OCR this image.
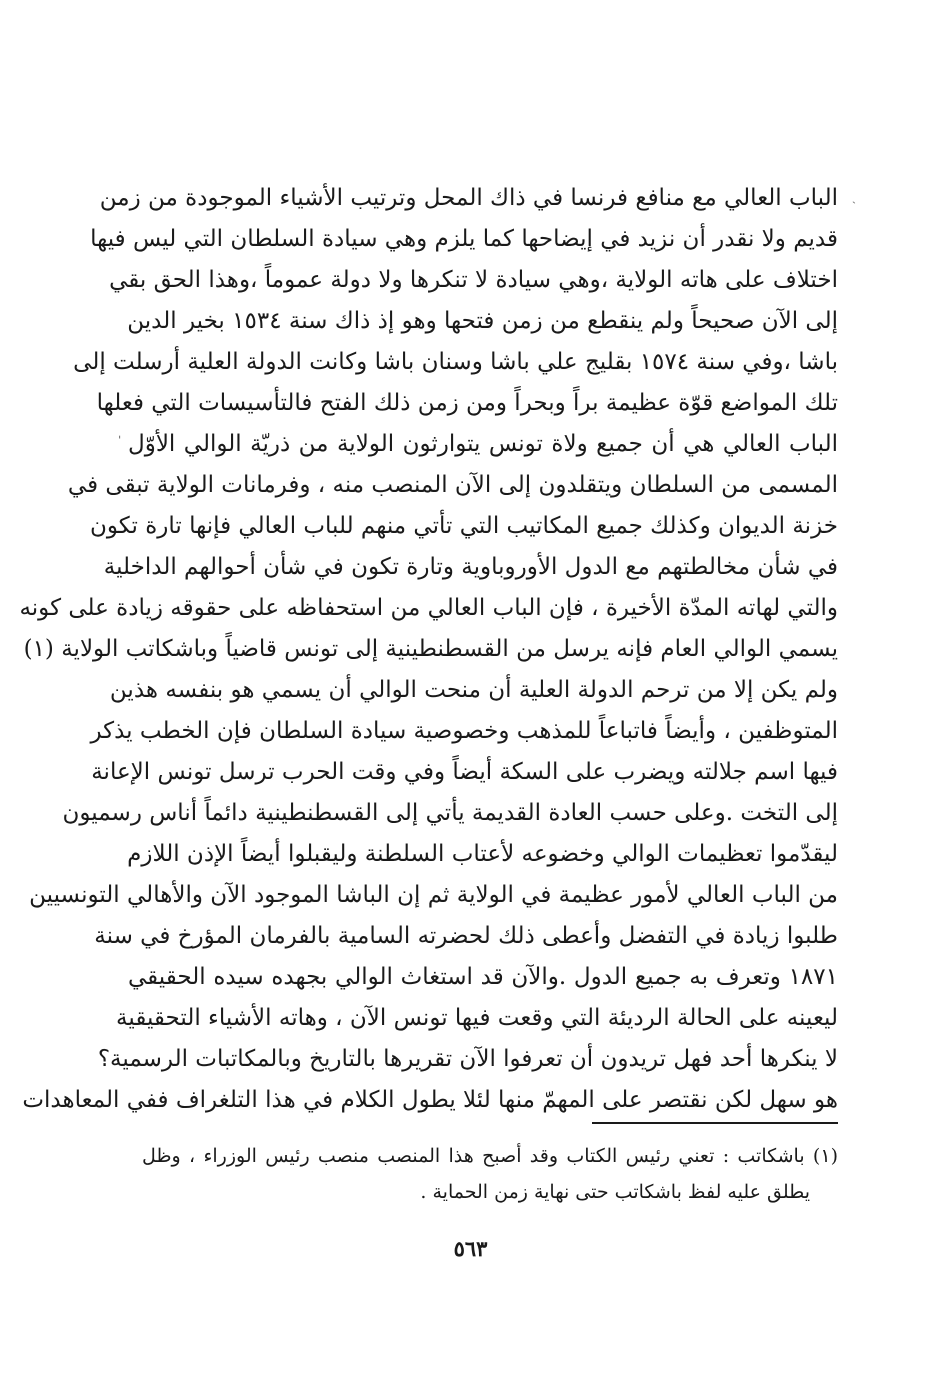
ˎ
ˌ
الباب العالي مع منافع فرنسا في ذاك المحل وترتيب الأشياء الموجودة من زمن
قديم ولا نقدر أن نزيد في إيضاحها كما يلزم وهي سيادة السلطان التي ليس فيها
اختلاف على هاته الولاية ،وهي سيادة لا تنكرها ولا دولة عموماً ،وهذا الحق بقي
إلى الآن صحيحاً ولم ينقطع من زمن فتحها وهو إذ ذاك سنة ١٥٣٤ بخير الدين
باشا ،وفي سنة ١٥٧٤ بقليج علي باشا وسنان باشا وكانت الدولة العلية أرسلت إلى
تلك المواضع قوّة عظيمة براً وبحراً ومن زمن ذلك الفتح فالتأسيسات التي فعلها
الباب العالي هي أن جميع ولاة تونس يتوارثون الولاية من ذريّة الوالي الأوّل
المسمى من السلطان ويتقلدون إلى الآن المنصب منه ، وفرمانات الولاية تبقى في
خزنة الديوان وكذلك جميع المكاتيب التي تأتي منهم للباب العالي فإنها تارة تكون
في شأن مخالطتهم مع الدول الأوروباوية وتارة تكون في شأن أحوالهم الداخلية
والتي لهاته المدّة الأخيرة ، فإن الباب العالي من استحفاظه على حقوقه زيادة على كونه
يسمي الوالي العام فإنه يرسل من القسطنطينية إلى تونس قاضياً وباشكاتب الولاية (١)
ولم يكن إلا من ترحم الدولة العلية أن منحت الوالي أن يسمي هو بنفسه هذين
المتوظفين ، وأيضاً فاتباعاً للمذهب وخصوصية سيادة السلطان فإن الخطب يذكر
فيها اسم جلالته ويضرب على السكة أيضاً وفي وقت الحرب ترسل تونس الإعانة
إلى التخت .وعلى حسب العادة القديمة يأتي إلى القسطنطينية دائماً أناس رسميون
ليقدّموا تعظيمات الوالي وخضوعه لأعتاب السلطنة وليقبلوا أيضاً الإذن اللازم
من الباب العالي لأمور عظيمة في الولاية ثم إن الباشا الموجود الآن والأهالي التونسيين
طلبوا زيادة في التفضل وأعطى ذلك لحضرته السامية بالفرمان المؤرخ في سنة
١٨٧١ وتعرف به جميع الدول .والآن قد استغاث الوالي بجهده سيده الحقيقي
ليعينه على الحالة الرديئة التي وقعت فيها تونس الآن ، وهاته الأشياء التحقيقية
لا ينكرها أحد فهل تريدون أن تعرفوا الآن تقريرها بالتاريخ وبالمكاتبات الرسمية؟
هو سهل لكن نقتصر على المهمّ منها لئلا يطول الكلام في هذا التلغراف ففي المعاهدات
(١) باشكاتب : تعني رئيس الكتاب وقد أصبح هذا المنصب منصب رئيس الوزراء ، وظل
يطلق عليه لفظ باشكاتب حتى نهاية زمن الحماية .
٥٦٣
